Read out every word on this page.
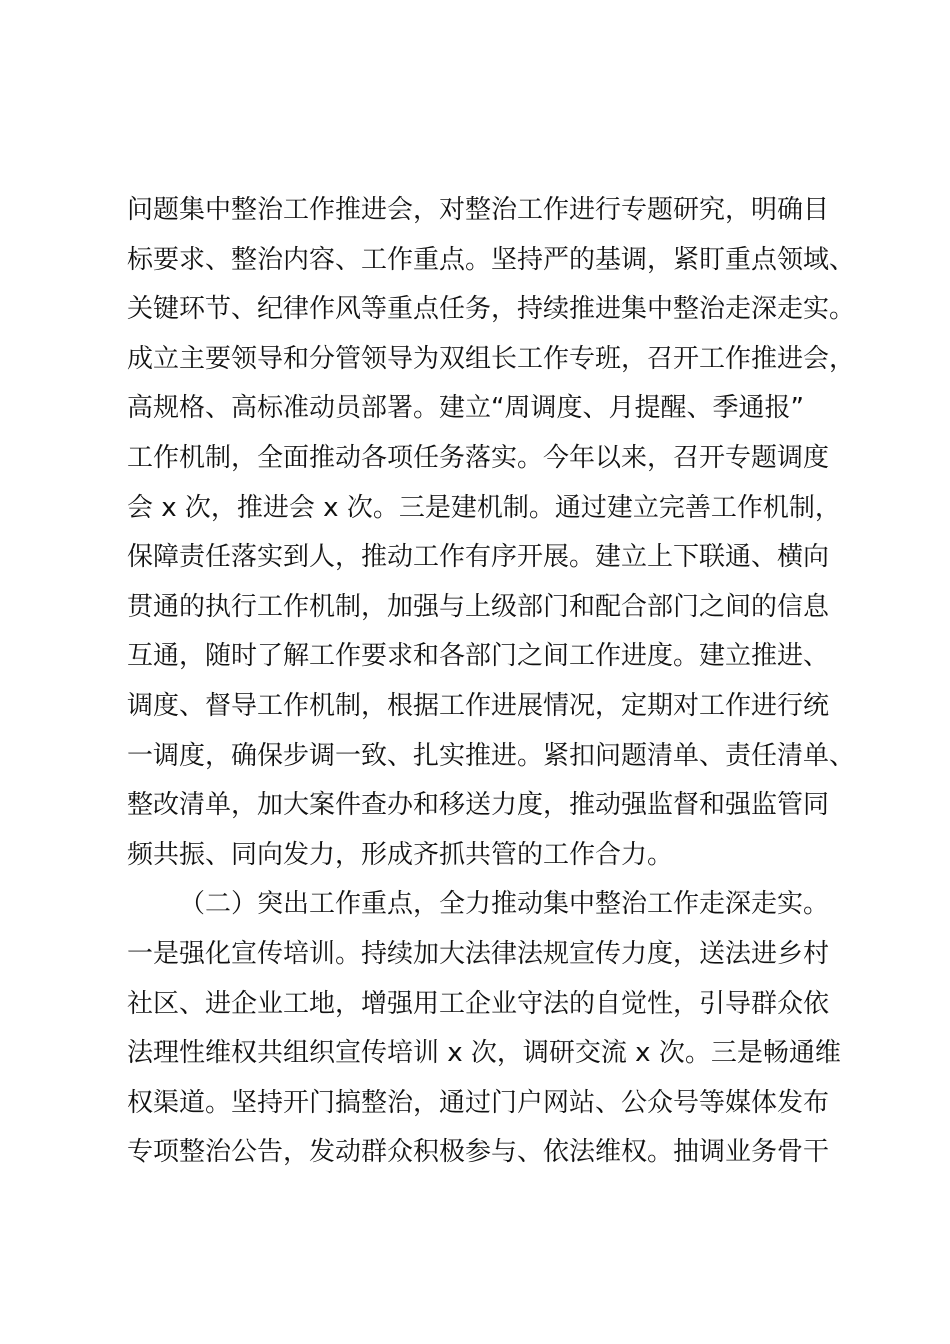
问题集中整治工作推进会，对整治工作进行专题研究，明确目
标要求、整治内容、工作重点。坚持严的基调，紧盯重点领域、
关键环节、纪律作风等重点任务，持续推进集中整治走深走实。
成立主要领导和分管领导为双组长工作专班，召开工作推进会，
高规格、高标准动员部署。建立“周调度、月提醒、季通报”
工作机制，全面推动各项任务落实。今年以来，召开专题调度
会 x 次，推进会 x 次。三是建机制。通过建立完善工作机制，
保障责任落实到人，推动工作有序开展。建立上下联通、横向
贯通的执行工作机制，加强与上级部门和配合部门之间的信息
互通，随时了解工作要求和各部门之间工作进度。建立推进、
调度、督导工作机制，根据工作进展情况，定期对工作进行统
一调度，确保步调一致、扎实推进。紧扣问题清单、责任清单、
整改清单，加大案件查办和移送力度，推动强监督和强监管同
频共振、同向发力，形成齐抓共管的工作合力。
（二）突出工作重点，全力推动集中整治工作走深走实。
一是强化宣传培训。持续加大法律法规宣传力度，送法进乡村
社区、进企业工地，增强用工企业守法的自觉性，引导群众依
法理性维权共组织宣传培训 x 次，调研交流 x 次。三是畅通维
权渠道。坚持开门搞整治，通过门户网站、公众号等媒体发布
专项整治公告，发动群众积极参与、依法维权。抽调业务骨干
